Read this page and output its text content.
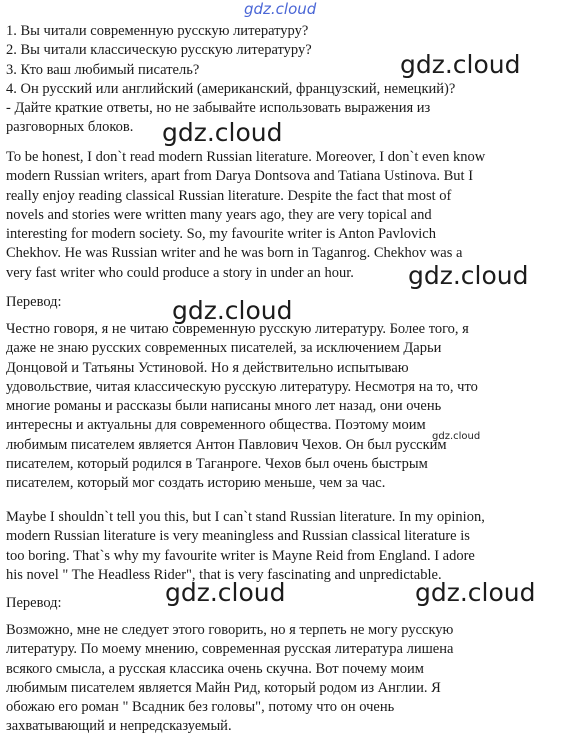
1. Вы читали современную русскую литературу?
2. Вы читали классическую русскую литературу?
3. Кто ваш любимый писатель?
4. Он русский или английский (американский, французский, немецкий)?
- Дайте краткие ответы, но не забывайте использовать выражения из
разговорных блоков.
To be honest, I don`t read modern Russian literature. Moreover, I don`t even know
modern Russian writers, apart from Darya Dontsova and Tatiana Ustinova. But I
really enjoy reading classical Russian literature. Despite the fact that most of
novels and stories were written many years ago, they are very topical and
interesting for modern society. So, my favourite writer is Anton Pavlovich
Chekhov. He was Russian writer and he was born in Taganrog. Chekhov was a
very fast writer who could produce a story in under an hour.
Перевод:
Честно говоря, я не читаю современную русскую литературу. Более того, я
даже не знаю русских современных писателей, за исключением Дарьи
Донцовой и Татьяны Устиновой. Но я действительно испытываю
удовольствие, читая классическую русскую литературу. Несмотря на то, что
многие романы и рассказы были написаны много лет назад, они очень
интересны и актуальны для современного общества. Поэтому моим
любимым писателем является Антон Павлович Чехов. Он был русским
писателем, который родился в Таганроге. Чехов был очень быстрым
писателем, который мог создать историю меньше, чем за час.
Maybe I shouldn`t tell you this, but I can`t stand Russian literature. In my opinion,
modern Russian literature is very meaningless and Russian classical literature is
too boring. That`s why my favourite writer is Mayne Reid from England. I adore
his novel " The Headless Rider", that is very fascinating and unpredictable.
Перевод:
Возможно, мне не следует этого говорить, но я терпеть не могу русскую
литературу. По моему мнению, современная русская литература лишена
всякого смысла, а русская классика очень скучна. Вот почему моим
любимым писателем является Майн Рид, который родом из Англии. Я
обожаю его роман " Всадник без головы", потому что он очень
захватывающий и непредсказуемый.
gdz.cloud
gdz.cloud
gdz.cloud
gdz.cloud
gdz.cloud
gdz.cloud
gdz.cloud	gdz.cloud
